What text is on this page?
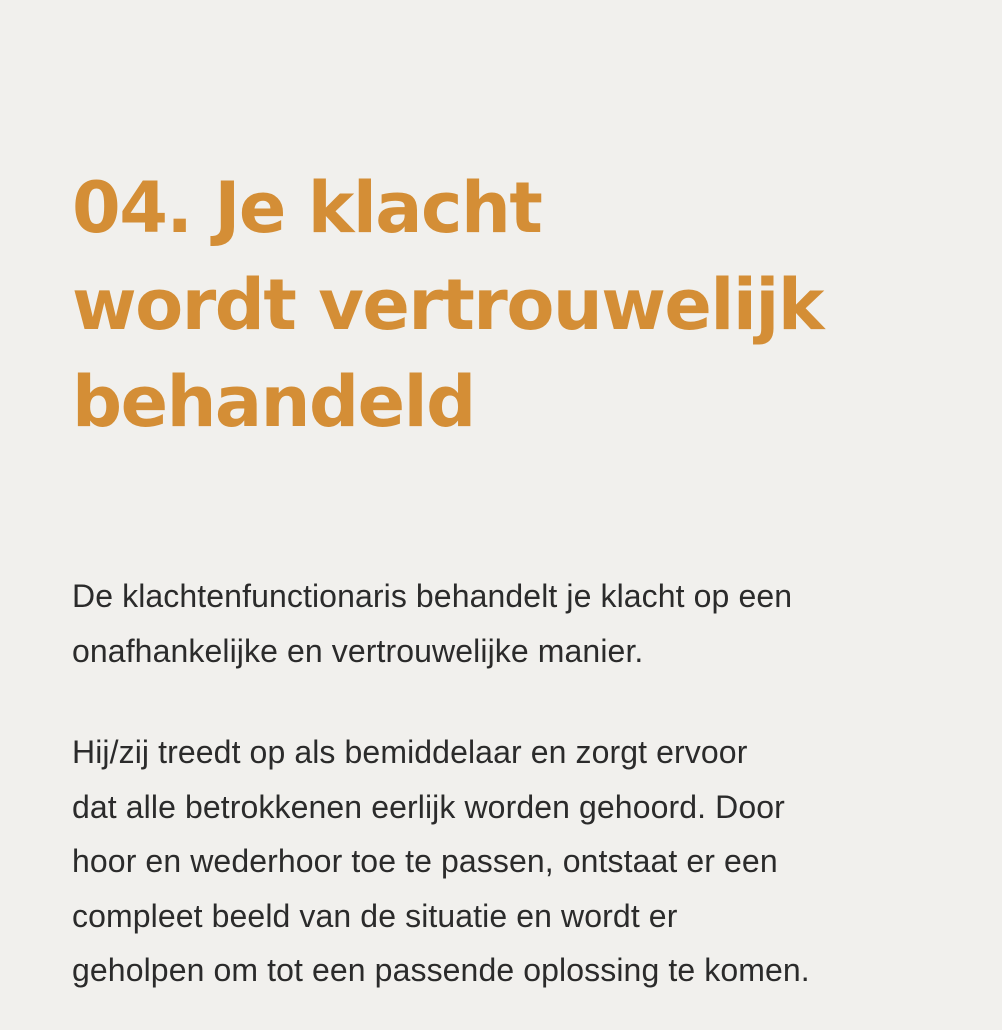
04. Je klacht
wordt vertrouwelijk
behandeld

De klachtenfunctionaris behandelt je klacht op een
onafhankelijke en vertrouwelijke manier.

Hij/zij treedt op als bemiddelaar en zorgt ervoor
dat alle betrokkenen eerlijk worden gehoord. Door
hoor en wederhoor toe te passen, ontstaat er een
compleet beeld van de situatie en wordt er
geholpen om tot een passende oplossing te komen.
